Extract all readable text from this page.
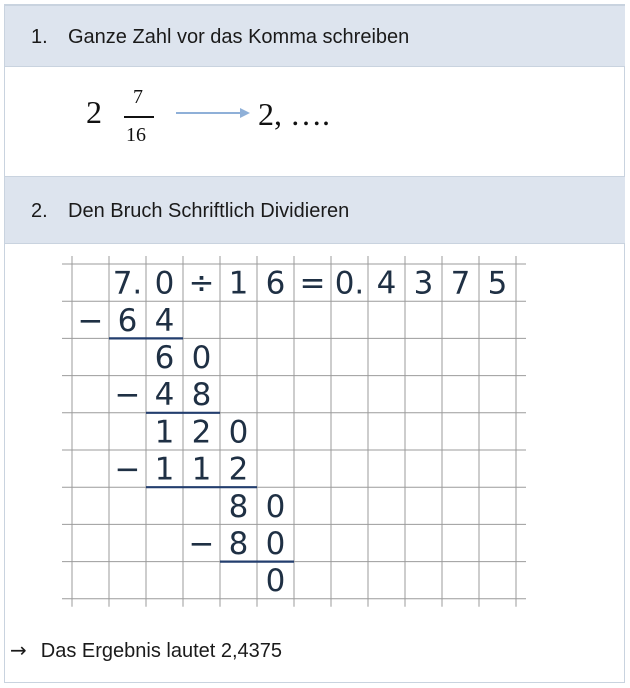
1. Ganze Zahl vor das Komma schreiben
2 7
16
2, ….
2. Den Bruch Schriftlich Dividieren
7. 0 ÷ 1 6 = 0. 4 3 7 5
− 6 4
6 0
− 4 8
1 2 0
− 1 1 2
8 0
− 8 0
0
→ Das Ergebnis lautet 2,4375
